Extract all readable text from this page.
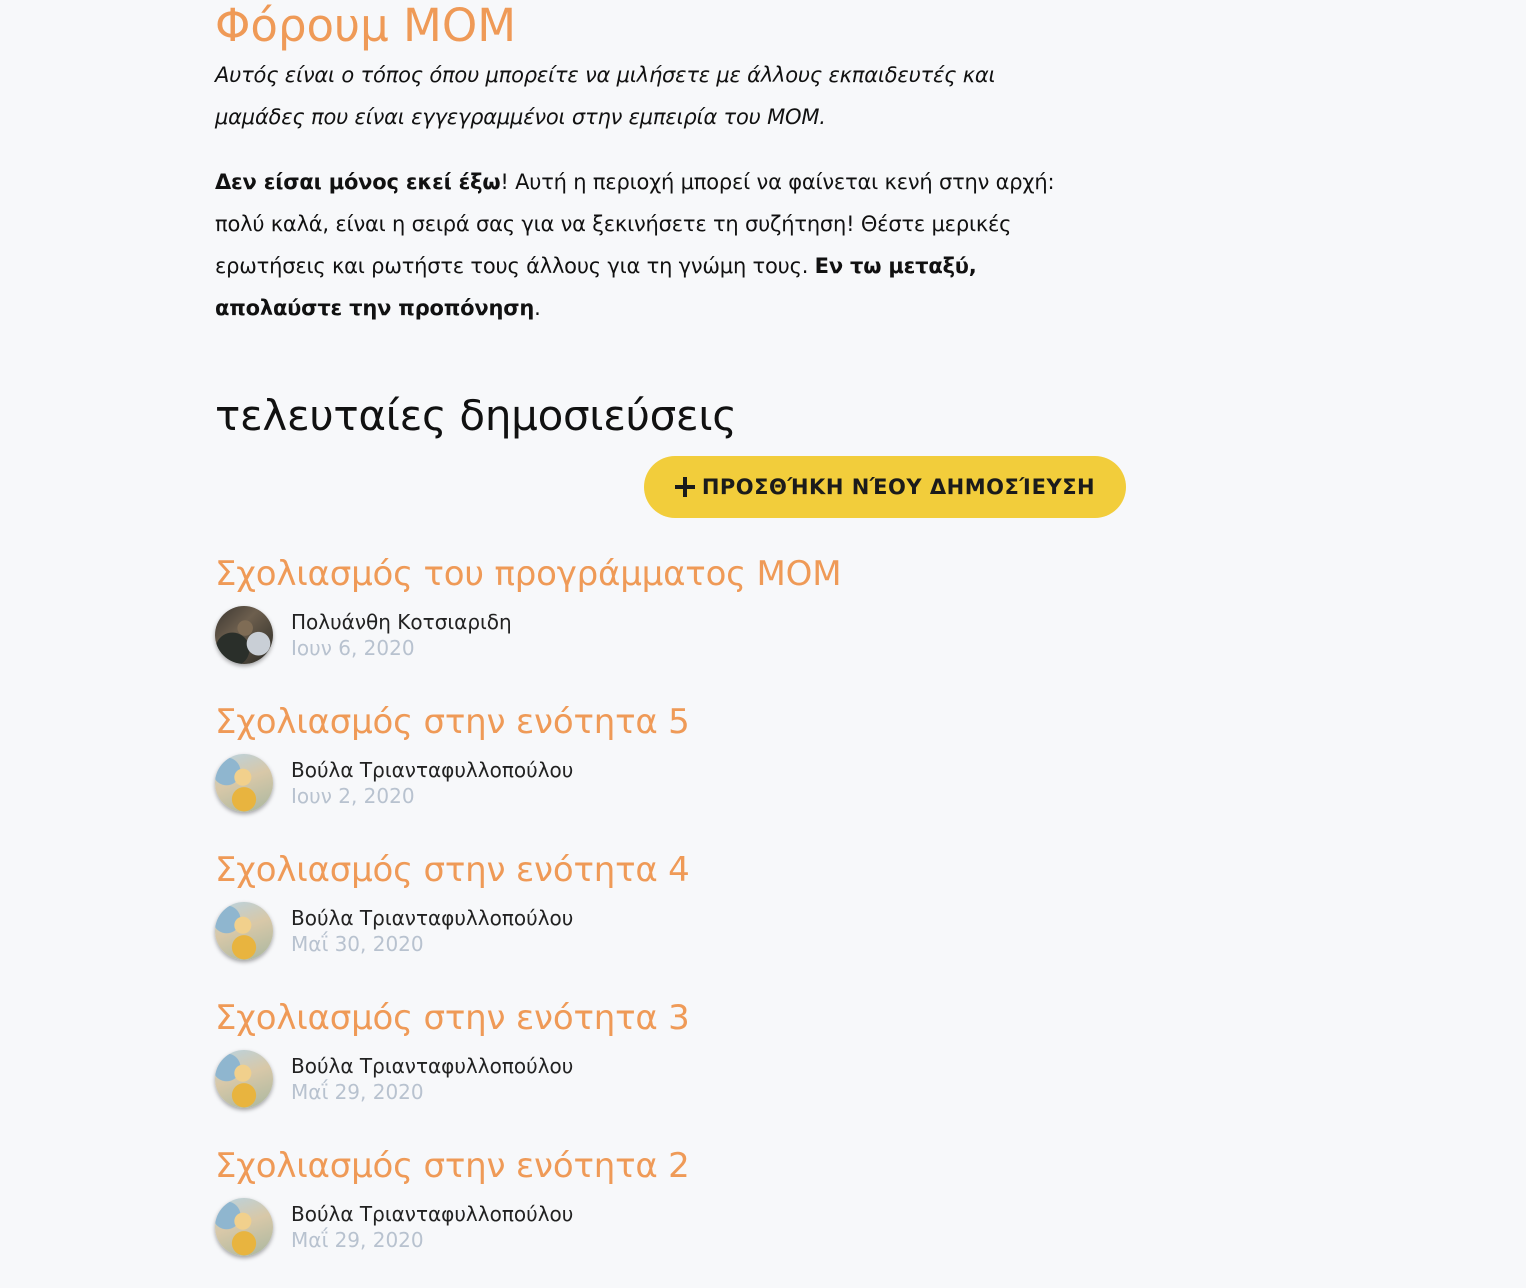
Φόρουμ MOM

Αυτός είναι ο τόπος όπου μπορείτε να μιλήσετε με άλλους εκπαιδευτές και
μαμάδες που είναι εγγεγραμμένοι στην εμπειρία του MOM.

Δεν είσαι μόνος εκεί έξω! Αυτή η περιοχή μπορεί να φαίνεται κενή στην αρχή:
πολύ καλά, είναι η σειρά σας για να ξεκινήσετε τη συζήτηση! Θέστε μερικές
ερωτήσεις και ρωτήστε τους άλλους για τη γνώμη τους. Εν τω μεταξύ,
απολαύστε την προπόνηση.

τελευταίες δημοσιεύσεις
ΠΡΟΣΘΉΚΗ ΝΈΟΥ ΔΗΜΟΣΊΕΥΣΗ
Σχολιασμός του προγράμματος MOM
Πολυάνθη Κοτσιαριδη
Ιουν 6, 2020
Σχολιασμός στην ενότητα 5
Βούλα Τριανταφυλλοπούλου
Ιουν 2, 2020
Σχολιασμός στην ενότητα 4
Βούλα Τριανταφυλλοπούλου
Μαΐ 30, 2020
Σχολιασμός στην ενότητα 3
Βούλα Τριανταφυλλοπούλου
Μαΐ 29, 2020
Σχολιασμός στην ενότητα 2
Βούλα Τριανταφυλλοπούλου
Μαΐ 29, 2020
